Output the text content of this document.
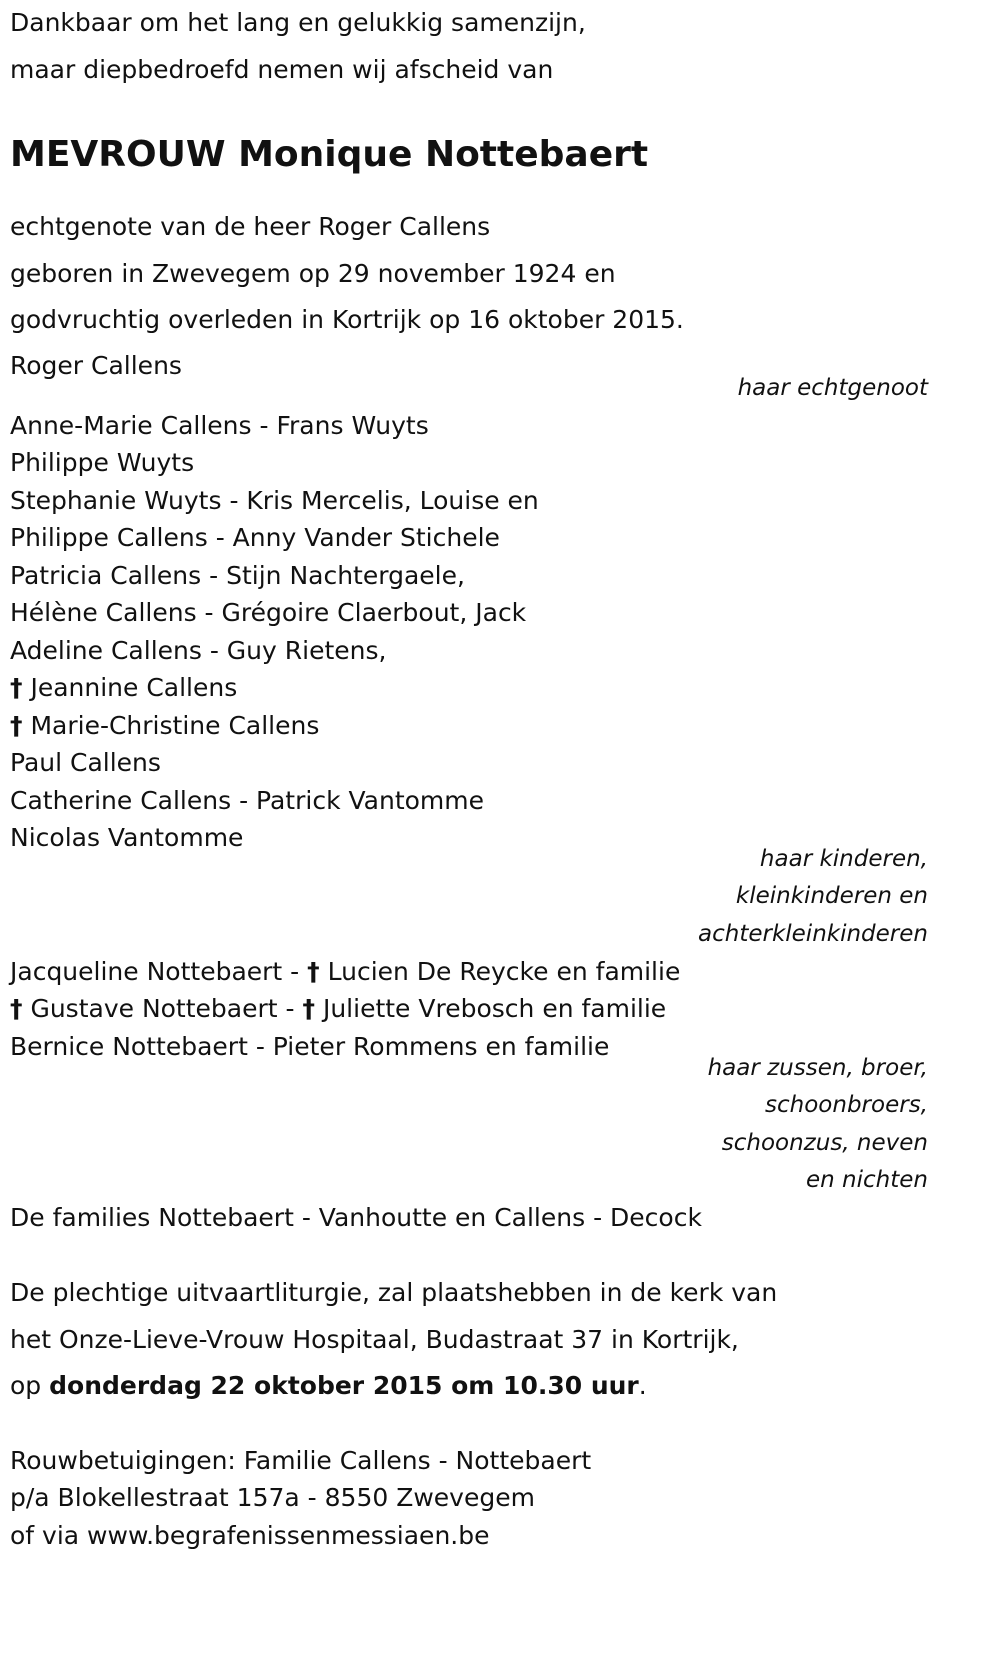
Dankbaar om het lang en gelukkig samenzijn,
maar diepbedroefd nemen wij afscheid van
MEVROUW Monique Nottebaert
echtgenote van de heer Roger Callens
geboren in Zwevegem op 29 november 1924 en
godvruchtig overleden in Kortrijk op 16 oktober 2015.
Roger Callens
haar echtgenoot
Anne-Marie Callens - Frans Wuyts
Philippe Wuyts
Stephanie Wuyts - Kris Mercelis, Louise en
Philippe Callens - Anny Vander Stichele
Patricia Callens - Stijn Nachtergaele,
Hélène Callens - Grégoire Claerbout, Jack
Adeline Callens - Guy Rietens,
† Jeannine Callens
† Marie-Christine Callens
Paul Callens
Catherine Callens - Patrick Vantomme
Nicolas Vantomme
haar kinderen,
kleinkinderen en
achterkleinkinderen
Jacqueline Nottebaert - † Lucien De Reycke en familie
† Gustave Nottebaert - † Juliette Vrebosch en familie
Bernice Nottebaert - Pieter Rommens en familie
haar zussen, broer,
schoonbroers,
schoonzus, neven
en nichten
De families Nottebaert - Vanhoutte en Callens - Decock
De plechtige uitvaartliturgie, zal plaatshebben in de kerk van
het Onze-Lieve-Vrouw Hospitaal, Budastraat 37 in Kortrijk,
op donderdag 22 oktober 2015 om 10.30 uur.
Rouwbetuigingen: Familie Callens - Nottebaert
p/a Blokellestraat 157a - 8550 Zwevegem
of via www.begrafenissenmessiaen.be
